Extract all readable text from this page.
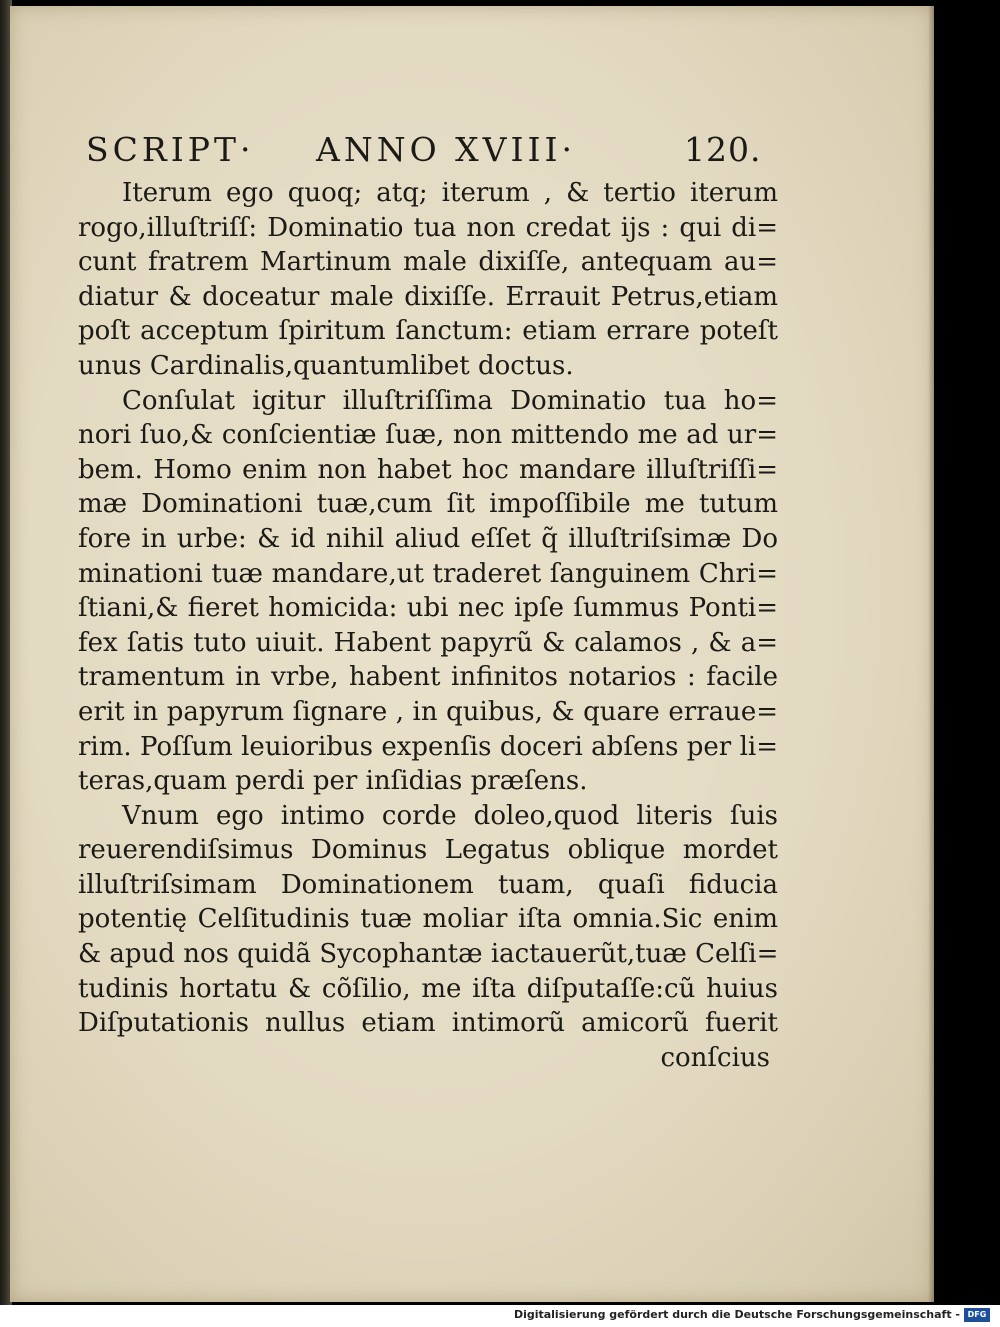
SCRIPT· ANNO XVIII·	120.
Iterum ego quoq; atq; iterum , & tertio iterum
rogo,illuſtriſſ: Dominatio tua non credat ijs : qui di=
cunt fratrem Martinum male dixiſſe, antequam au=
diatur & doceatur male dixiſſe. Errauit Petrus,etiam
poſt acceptum ſpiritum ſanctum: etiam errare poteſt
unus Cardinalis,quantumlibet doctus.
Conſulat igitur illuſtriſſima Dominatio tua ho=
nori ſuo,& conſcientiæ ſuæ, non mittendo me ad ur=
bem. Homo enim non habet hoc mandare illuſtriſſi=
mæ Dominationi tuæ,cum ſit impoſſibile me tutum
fore in urbe: & id nihil aliud eſſet q̃ illuſtriſsimæ Do
minationi tuæ mandare,ut traderet ſanguinem Chri=
ſtiani,& fieret homicida: ubi nec ipſe ſummus Ponti=
fex ſatis tuto uiuit. Habent papyrũ & calamos , & a=
tramentum in vrbe, habent infinitos notarios : facile
erit in papyrum ſignare , in quibus, & quare errauе=
rim. Poſſum leuioribus expenſis doceri abſens per li=
teras,quam perdi per inſidias præſens.
Vnum ego intimo corde doleo,quod literis ſuis
reuerendiſsimus Dominus Legatus oblique mordet
illuſtriſsimam Dominationem tuam, quaſi fiducia
potentię Celſitudinis tuæ moliar iſta omnia.Sic enim
& apud nos quidã Sycophantæ iactauerũt,tuæ Celſi=
tudinis hortatu & cõſilio, me iſta diſputaſſe:cũ huius
Diſputationis nullus etiam intimorũ amicorũ fuerit
conſcius
Digitalisierung gefördert durch die Deutsche Forschungsgemeinschaft - DFG
